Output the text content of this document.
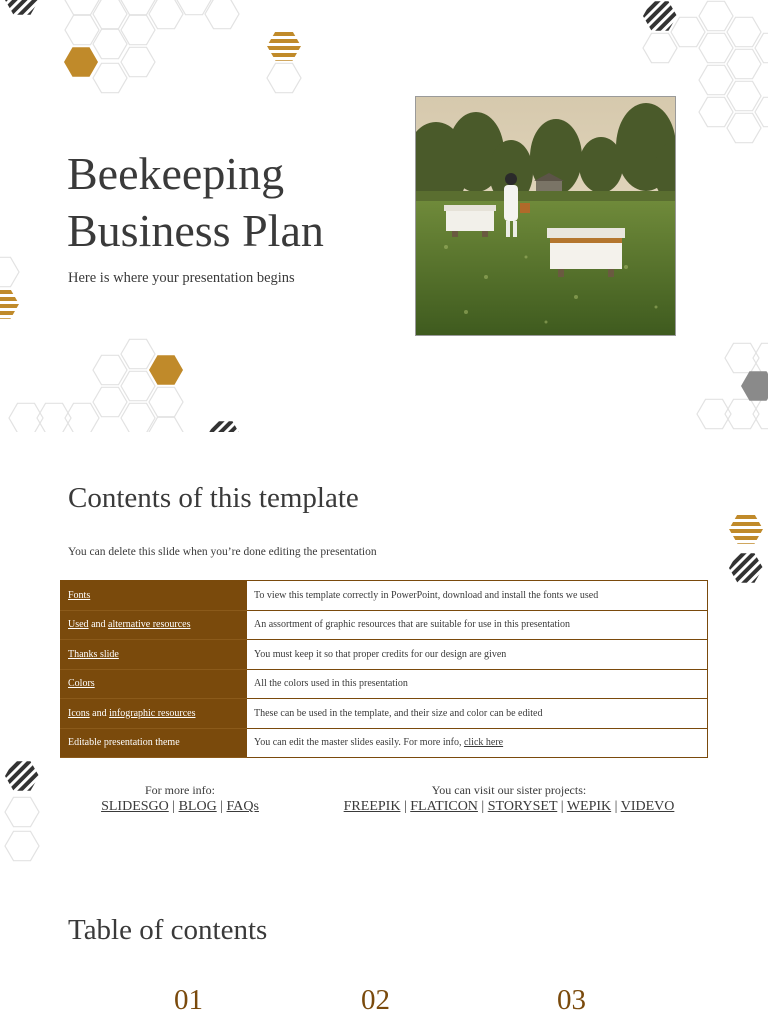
Beekeeping
Business Plan
Here is where your presentation begins
Contents of this template
You can delete this slide when you’re done editing the presentation
Fonts	To view this template correctly in PowerPoint, download and install the fonts we used
Used and alternative resources	An assortment of graphic resources that are suitable for use in this presentation
Thanks slide	You must keep it so that proper credits for our design are given
Colors	All the colors used in this presentation
Icons and infographic resources	These can be used in the template, and their size and color can be edited
Editable presentation theme	You can edit the master slides easily. For more info, click here
For more info:
SLIDESGO | BLOG | FAQs
You can visit our sister projects:
FREEPIK | FLATICON | STORYSET | WEPIK | VIDEVO
Table of contents
01	02	03
